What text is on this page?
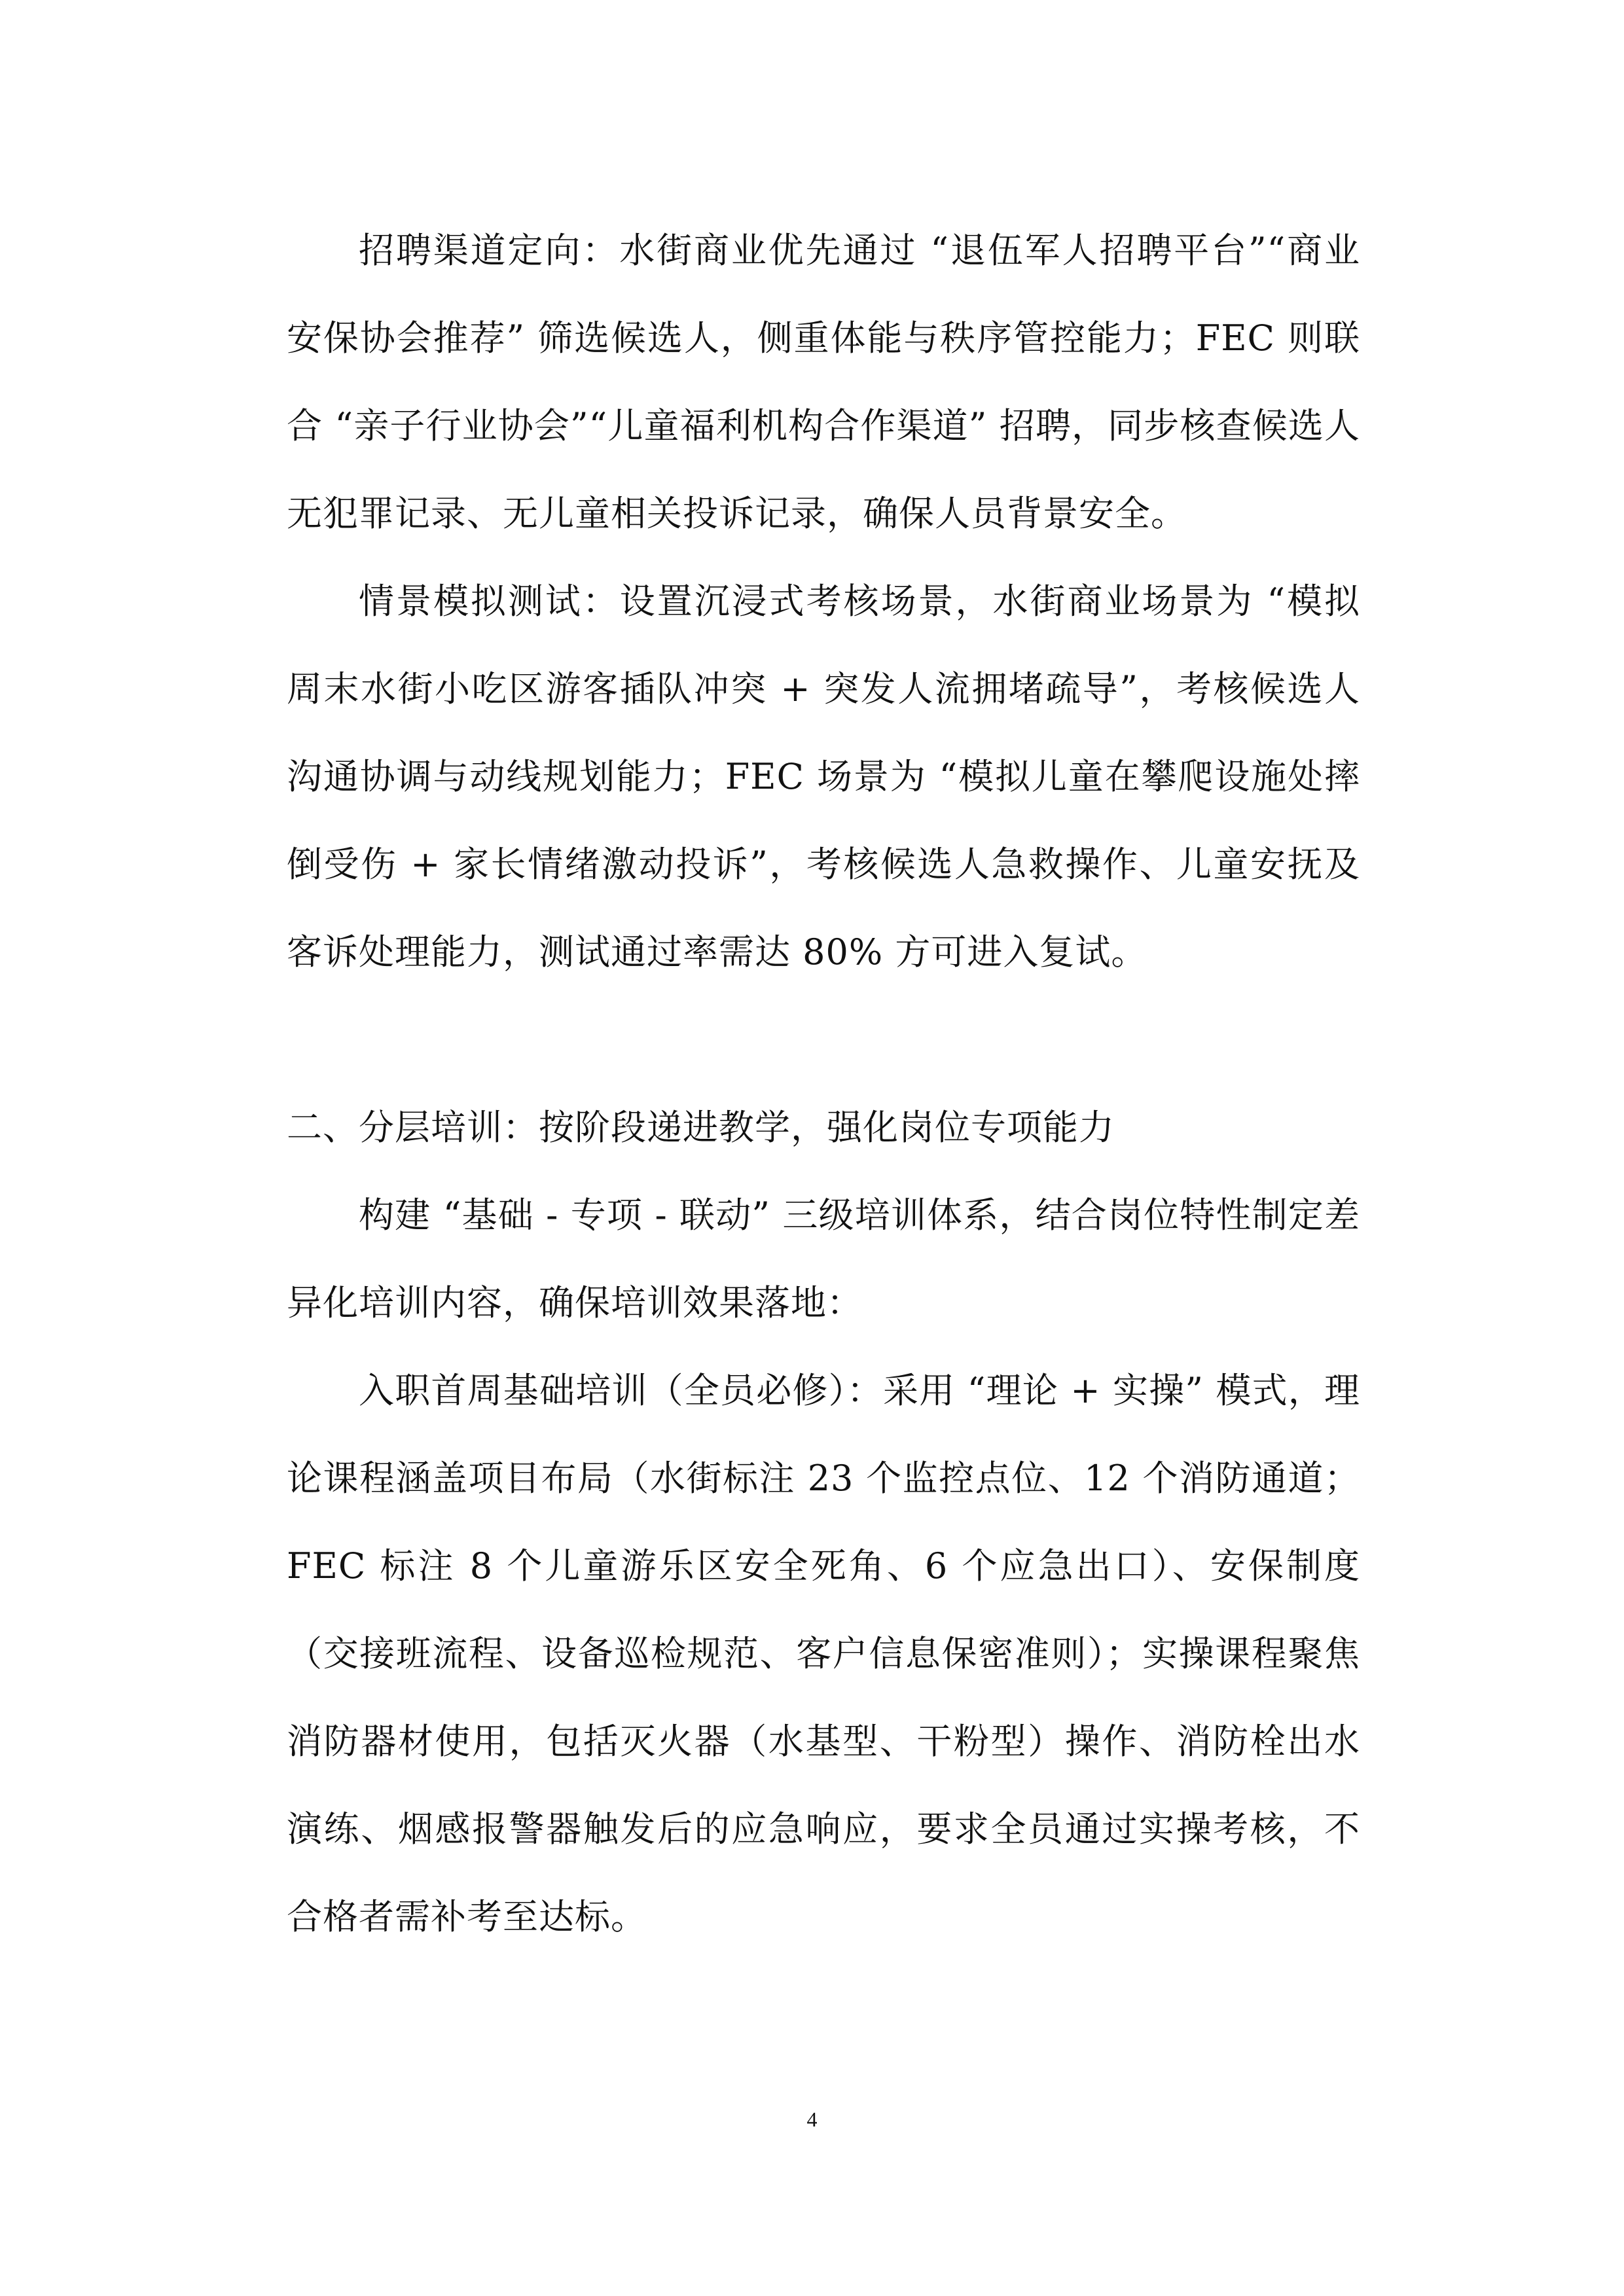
招聘渠道定向：水街商业优先通过 “退伍军人招聘平台”“商业安保协会推荐” 筛选候选人，侧重体能与秩序管控能力；FEC 则联合 “亲子行业协会”“儿童福利机构合作渠道” 招聘，同步核查候选人无犯罪记录、无儿童相关投诉记录，确保人员背景安全。

情景模拟测试：设置沉浸式考核场景，水街商业场景为 “模拟周末水街小吃区游客插队冲突 + 突发人流拥堵疏导”，考核候选人沟通协调与动线规划能力；FEC 场景为 “模拟儿童在攀爬设施处摔倒受伤 + 家长情绪激动投诉”，考核候选人急救操作、儿童安抚及客诉处理能力，测试通过率需达 80% 方可进入复试。

二、分层培训：按阶段递进教学，强化岗位专项能力

构建 “基础 - 专项 - 联动” 三级培训体系，结合岗位特性制定差异化培训内容，确保培训效果落地：

入职首周基础培训（全员必修）：采用 “理论 + 实操” 模式，理论课程涵盖项目布局（水街标注 23 个监控点位、12 个消防通道；FEC 标注 8 个儿童游乐区安全死角、6 个应急出口）、安保制度（交接班流程、设备巡检规范、客户信息保密准则）；实操课程聚焦消防器材使用，包括灭火器（水基型、干粉型）操作、消防栓出水演练、烟感报警器触发后的应急响应，要求全员通过实操考核，不合格者需补考至达标。

4
